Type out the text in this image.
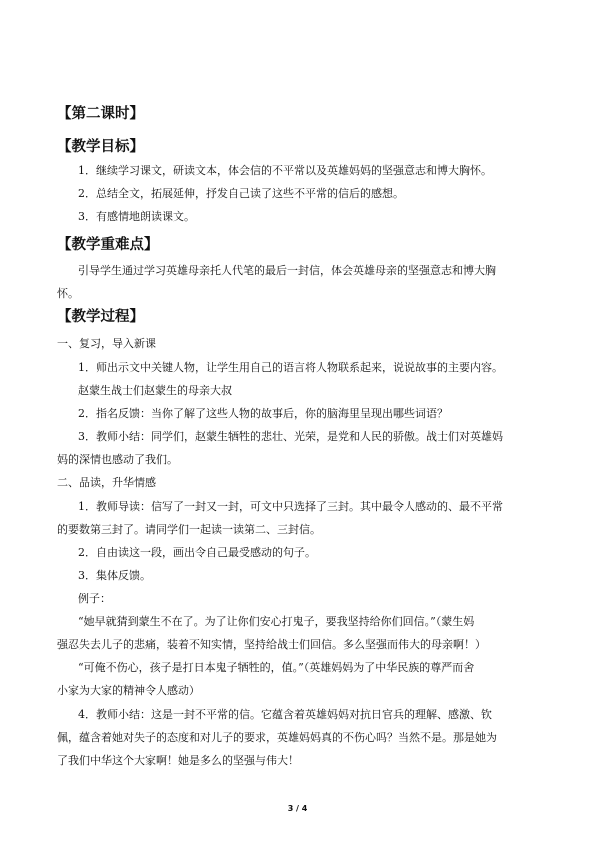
【第二课时】
【教学目标】
1．继续学习课文，研读文本，体会信的不平常以及英雄妈妈的坚强意志和博大胸怀。
2．总结全文，拓展延伸，抒发自己读了这些不平常的信后的感想。
3．有感情地朗读课文。
【教学重难点】
引导学生通过学习英雄母亲托人代笔的最后一封信，体会英雄母亲的坚强意志和博大胸
怀。
【教学过程】
一、复习，导入新课
1．师出示文中关键人物，让学生用自己的语言将人物联系起来，说说故事的主要内容。
赵蒙生战士们赵蒙生的母亲大叔
2．指名反馈：当你了解了这些人物的故事后，你的脑海里呈现出哪些词语？
3．教师小结：同学们，赵蒙生牺牲的悲壮、光荣，是党和人民的骄傲。战士们对英雄妈
妈的深情也感动了我们。
二、品读，升华情感
1．教师导读：信写了一封又一封，可文中只选择了三封。其中最令人感动的、最不平常
的要数第三封了。请同学们一起读一读第二、三封信。
2．自由读这一段，画出令自己最受感动的句子。
3．集体反馈。
例子：
“她早就猜到蒙生不在了。为了让你们安心打鬼子，要我坚持给你们回信。”（蒙生妈
强忍失去儿子的悲痛，装着不知实情，坚持给战士们回信。多么坚强而伟大的母亲啊！）
“可俺不伤心，孩子是打日本鬼子牺牲的，值。”（英雄妈妈为了中华民族的尊严而舍
小家为大家的精神令人感动）
4．教师小结：这是一封不平常的信。它蕴含着英雄妈妈对抗日官兵的理解、感激、钦
佩，蕴含着她对失子的态度和对儿子的要求，英雄妈妈真的不伤心吗？当然不是。那是她为
了我们中华这个大家啊！她是多么的坚强与伟大！
3 / 4
